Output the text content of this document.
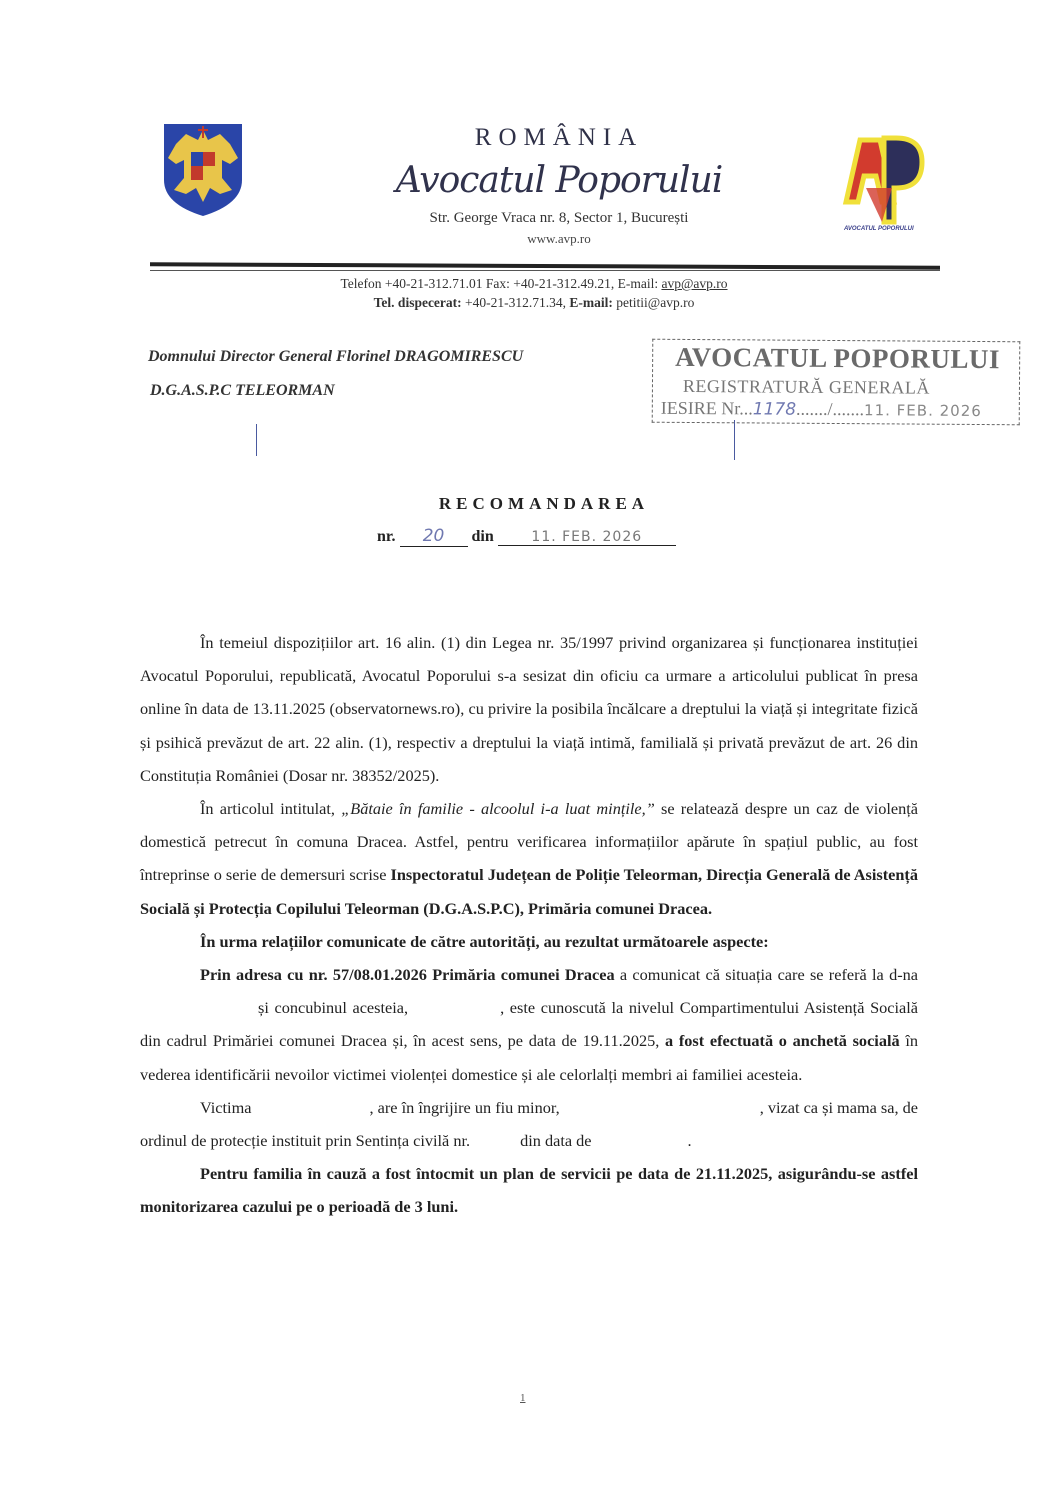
AVOCATUL POPORULUI
ROMÂNIA
Avocatul Poporului
Str. George Vraca nr. 8, Sector 1, București
www.avp.ro
Telefon +40-21-312.71.01 Fax: +40-21-312.49.21, E-mail: avp@avp.ro
Tel. dispecerat: +40-21-312.71.34, E-mail: petitii@avp.ro
Domnului Director General Florinel DRAGOMIRESCU
D.G.A.S.P.C TELEORMAN
AVOCATUL POPORULUI
REGISTRATURĂ GENERALĂ
IESIRE Nr...1178......./.......11. FEB. 2026
RECOMANDAREA
nr. 20 din	11. FEB. 2026

În temeiul dispozițiilor art. 16 alin. (1) din Legea nr. 35/1997 privind organizarea și funcționarea instituției Avocatul Poporului, republicată, Avocatul Poporului s-a sesizat din oficiu ca urmare a articolului publicat în presa online în data de 13.11.2025 (observatornews.ro), cu privire la posibila încălcare a dreptului la viață și integritate fizică și psihică prevăzut de art. 22 alin. (1), respectiv a dreptului la viață intimă, familială și privată prevăzut de art. 26 din Constituția României (Dosar nr. 38352/2025).

În articolul intitulat, „Bătaie în familie - alcoolul i-a luat mințile,” se relatează despre un caz de violență domestică petrecut în comuna Dracea. Astfel, pentru verificarea informațiilor apărute în spațiul public, au fost întreprinse o serie de demersuri scrise Inspectoratul Județean de Poliție Teleorman, Direcția Generală de Asistență Socială și Protecția Copilului Teleorman (D.G.A.S.P.C), Primăria comunei Dracea.

În urma relațiilor comunicate de către autorități, au rezultat următoarele aspecte:

Prin adresa cu nr. 57/08.01.2026 Primăria comunei Dracea a comunicat că situația care se referă la d-nași concubinul acesteia,	, este cunoscută la nivelul Compartimentului Asistență Socială din cadrul Primăriei comunei Dracea și, în acest sens, pe data de 19.11.2025, a fost efectuată o anchetă socială în vederea identificării nevoilor victimei violenței domestice și ale celorlalți membri ai familiei acesteia.

Victima	, are în îngrijire un fiu minor,	, vizat ca și mama sa, de ordinul de protecție instituit prin Sentința civilă nr.	din data de	.

Pentru familia în cauză a fost întocmit un plan de servicii pe data de 21.11.2025, asigurându-se astfel monitorizarea cazului pe o perioadă de 3 luni.

1
